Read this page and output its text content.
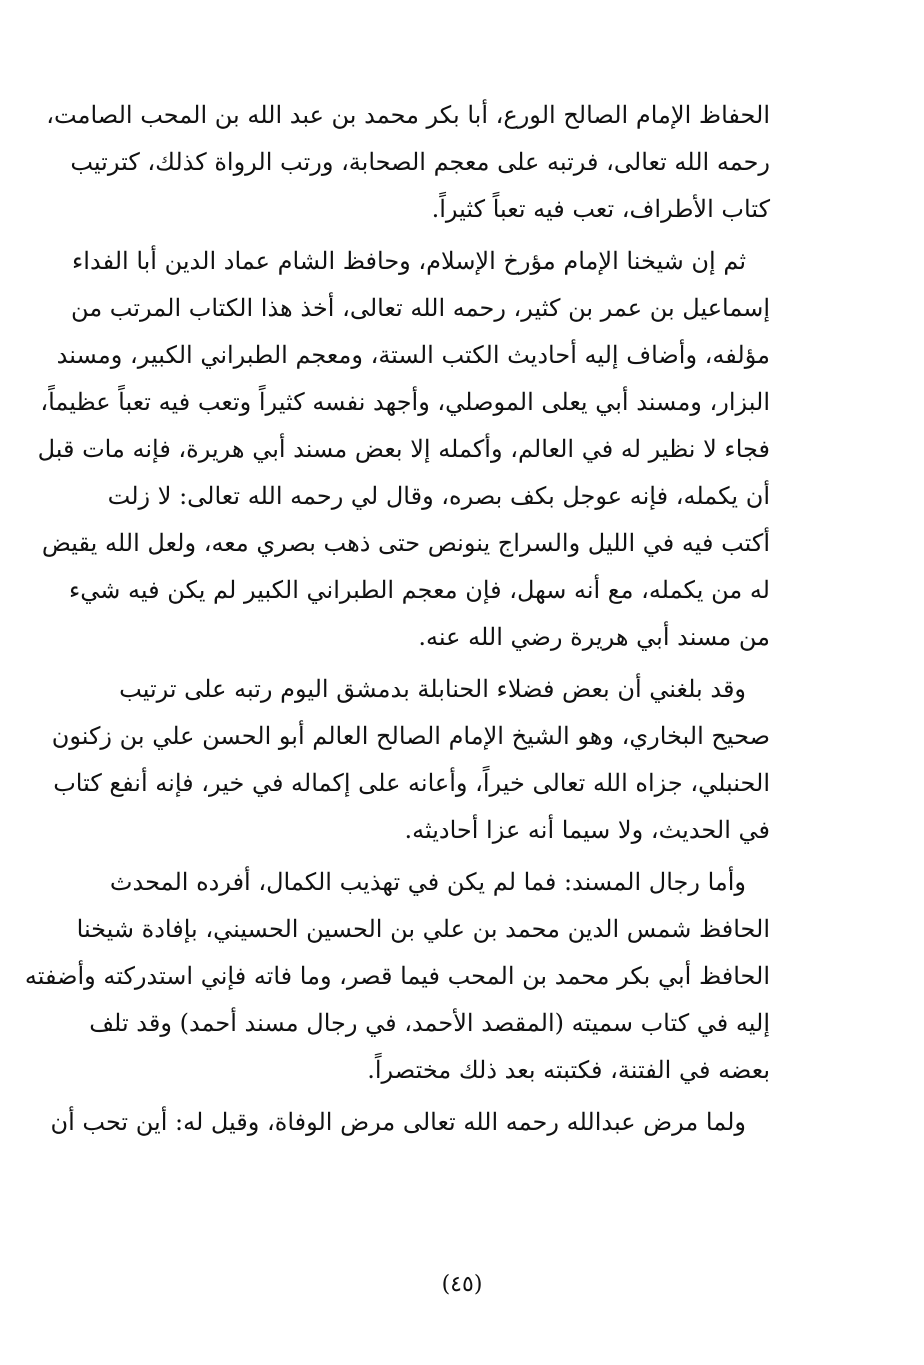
الحفاظ الإمام الصالح الورع، أبا بكر محمد بن عبد الله بن المحب الصامت،
رحمه الله تعالى، فرتبه على معجم الصحابة، ورتب الرواة كذلك، كترتيب
كتاب الأطراف، تعب فيه تعباً كثيراً.

ثم إن شيخنا الإمام مؤرخ الإسلام، وحافظ الشام عماد الدين أبا الفداء
إسماعيل بن عمر بن كثير، رحمه الله تعالى، أخذ هذا الكتاب المرتب من
مؤلفه، وأضاف إليه أحاديث الكتب الستة، ومعجم الطبراني الكبير، ومسند
البزار، ومسند أبي يعلى الموصلي، وأجهد نفسه كثيراً وتعب فيه تعباً عظيماً،
فجاء لا نظير له في العالم، وأكمله إلا بعض مسند أبي هريرة، فإنه مات قبل
أن يكمله، فإنه عوجل بكف بصره، وقال لي رحمه الله تعالى: لا زلت
أكتب فيه في الليل والسراج ينونص حتى ذهب بصري معه، ولعل الله يقيض
له من يكمله، مع أنه سهل، فإن معجم الطبراني الكبير لم يكن فيه شيء
من مسند أبي هريرة رضي الله عنه.

وقد بلغني أن بعض فضلاء الحنابلة بدمشق اليوم رتبه على ترتيب
صحيح البخاري، وهو الشيخ الإمام الصالح العالم أبو الحسن علي بن زكنون
الحنبلي، جزاه الله تعالى خيراً، وأعانه على إكماله في خير، فإنه أنفع كتاب
في الحديث، ولا سيما أنه عزا أحاديثه.

وأما رجال المسند: فما لم يكن في تهذيب الكمال، أفرده المحدث
الحافظ شمس الدين محمد بن علي بن الحسين الحسيني، بإفادة شيخنا
الحافظ أبي بكر محمد بن المحب فيما قصر، وما فاته فإني استدركته وأضفته
إليه في كتاب سميته (المقصد الأحمد، في رجال مسند أحمد) وقد تلف
بعضه في الفتنة، فكتبته بعد ذلك مختصراً.

ولما مرض عبدالله رحمه الله تعالى مرض الوفاة، وقيل له: أين تحب أن

(٤٥)
